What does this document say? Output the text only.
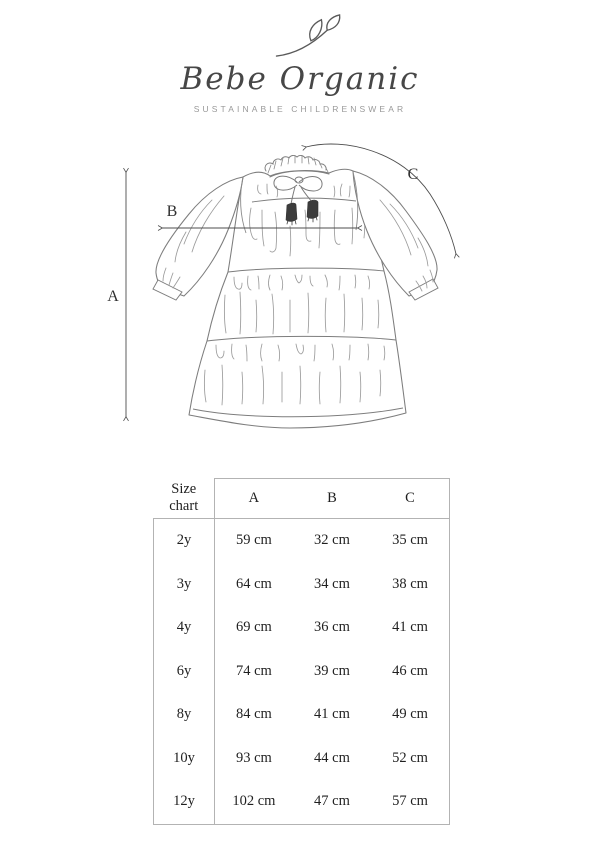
Bebe Organic
SUSTAINABLE CHILDRENSWEAR
A
B
C
Size
chart	A	B	C
2y	59 cm	32 cm	35 cm
3y	64 cm	34 cm	38 cm
4y	69 cm	36 cm	41 cm
6y	74 cm	39 cm	46 cm
8y	84 cm	41 cm	49 cm
10y	93 cm	44 cm	52 cm
12y	102 cm	47 cm	57 cm
